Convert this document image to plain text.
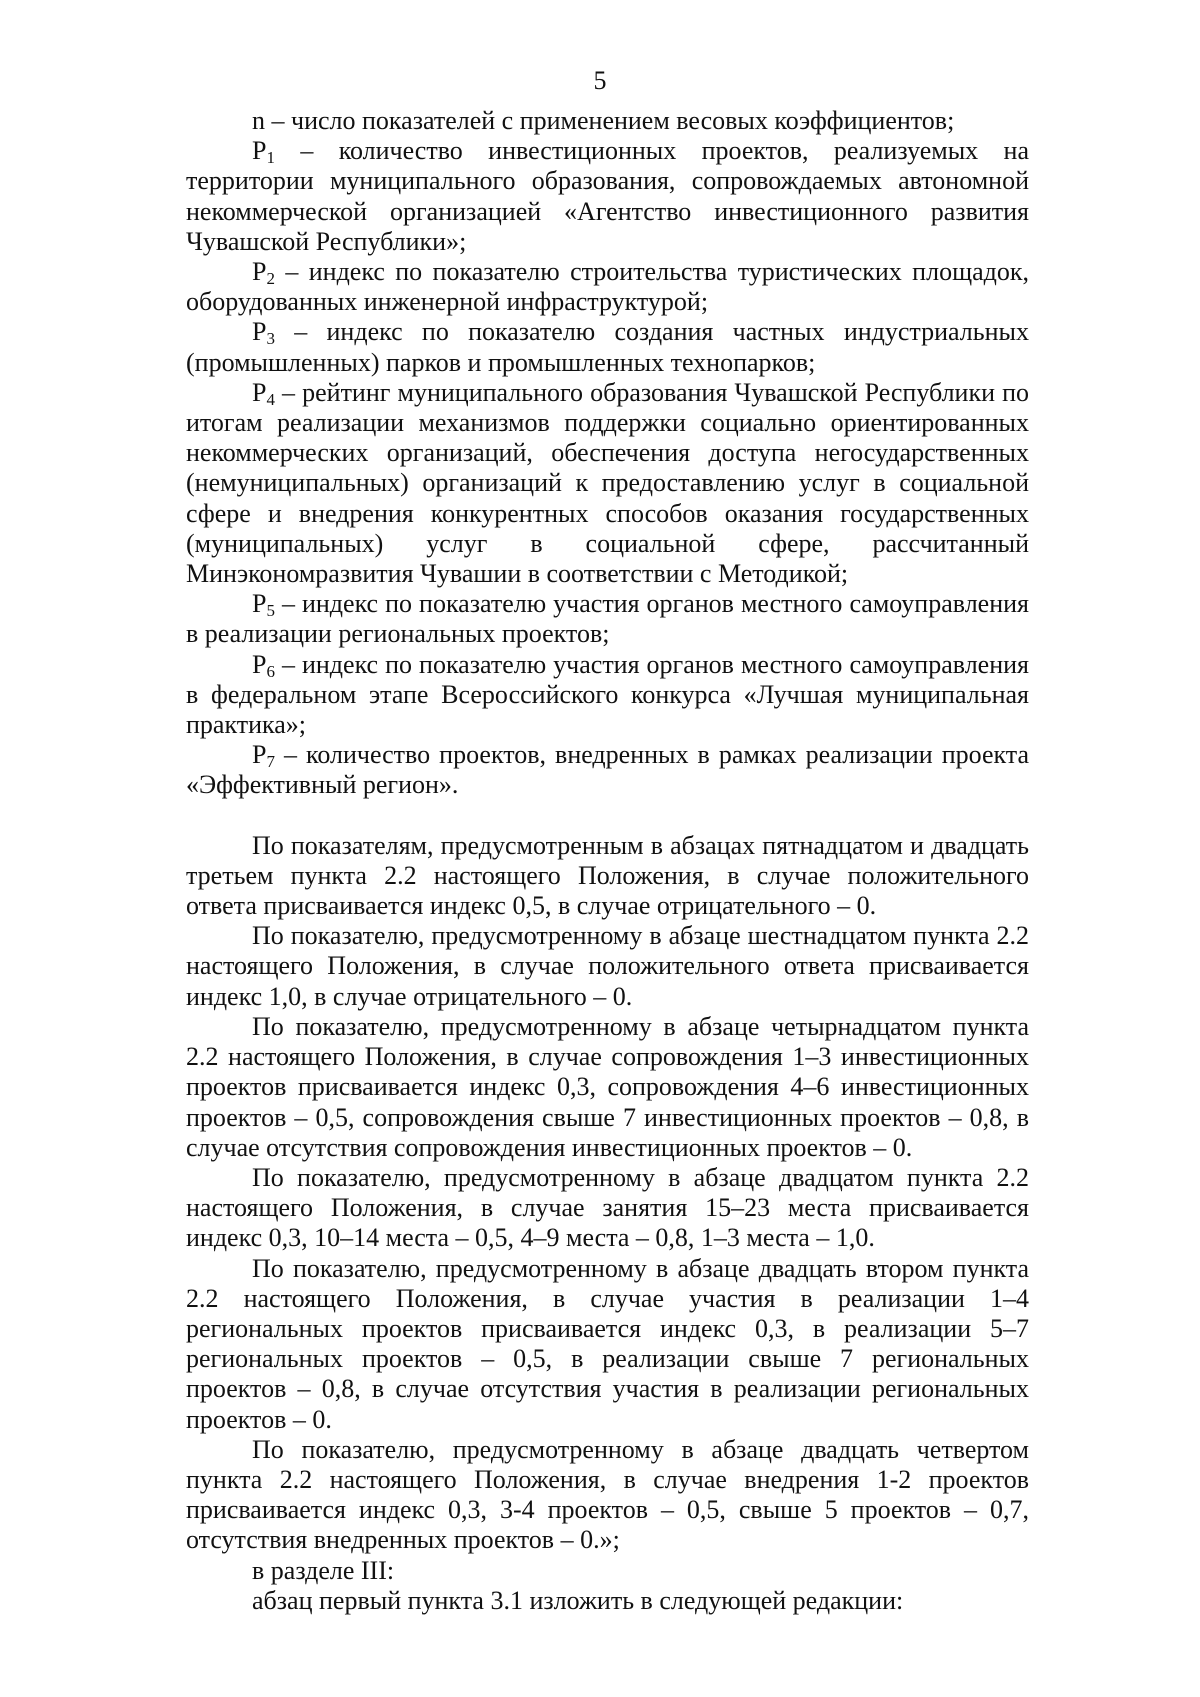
5

n – число показателей с применением весовых коэффициентов;

$P_1$ – количество инвестиционных проектов, реализуемых на территории муниципального образования, сопровождаемых автономной некоммерческой организацией «Агентство инвестиционного развития Чувашской Республики»;

$P_2$ – индекс по показателю строительства туристических площадок, оборудованных инженерной инфраструктурой;

$P_3$ – индекс по показателю создания частных индустриальных (промышленных) парков и промышленных технопарков;

$P_4$ – рейтинг муниципального образования Чувашской Республики по итогам реализации механизмов поддержки социально ориентированных некоммерческих организаций, обеспечения доступа негосударственных (немуниципальных) организаций к предоставлению услуг в социальной сфере и внедрения конкурентных способов оказания государственных (муниципальных) услуг в социальной сфере, рассчитанный Минэкономразвития Чувашии в соответствии с Методикой;

$P_5$ – индекс по показателю участия органов местного самоуправления в реализации региональных проектов;

$P_6$ – индекс по показателю участия органов местного самоуправления в федеральном этапе Всероссийского конкурса «Лучшая муниципальная практика»;

$P_7$ – количество проектов, внедренных в рамках реализации проекта «Эффективный регион».

По показателям, предусмотренным в абзацах пятнадцатом и двадцать третьем пункта 2.2 настоящего Положения, в случае положительного ответа присваивается индекс 0,5, в случае отрицательного – 0.

По показателю, предусмотренному в абзаце шестнадцатом пункта 2.2 настоящего Положения, в случае положительного ответа присваивается индекс 1,0, в случае отрицательного – 0.

По показателю, предусмотренному в абзаце четырнадцатом пункта 2.2 настоящего Положения, в случае сопровождения 1–3 инвестиционных проектов присваивается индекс 0,3, сопровождения 4–6 инвестиционных проектов – 0,5, сопровождения свыше 7 инвестиционных проектов – 0,8, в случае отсутствия сопровождения инвестиционных проектов – 0.

По показателю, предусмотренному в абзаце двадцатом пункта 2.2 настоящего Положения, в случае занятия 15–23 места присваивается индекс 0,3, 10–14 места – 0,5, 4–9 места – 0,8, 1–3 места – 1,0.

По показателю, предусмотренному в абзаце двадцать втором пункта 2.2 настоящего Положения, в случае участия в реализации 1–4 региональных проектов присваивается индекс 0,3, в реализации 5–7 региональных проектов – 0,5, в реализации свыше 7 региональных проектов – 0,8, в случае отсутствия участия в реализации региональных проектов – 0.

По показателю, предусмотренному в абзаце двадцать четвертом пункта 2.2 настоящего Положения, в случае внедрения 1-2 проектов присваивается индекс 0,3, 3-4 проектов – 0,5, свыше 5 проектов – 0,7, отсутствия внедренных проектов – 0.»;

в разделе III:

абзац первый пункта 3.1 изложить в следующей редакции:
